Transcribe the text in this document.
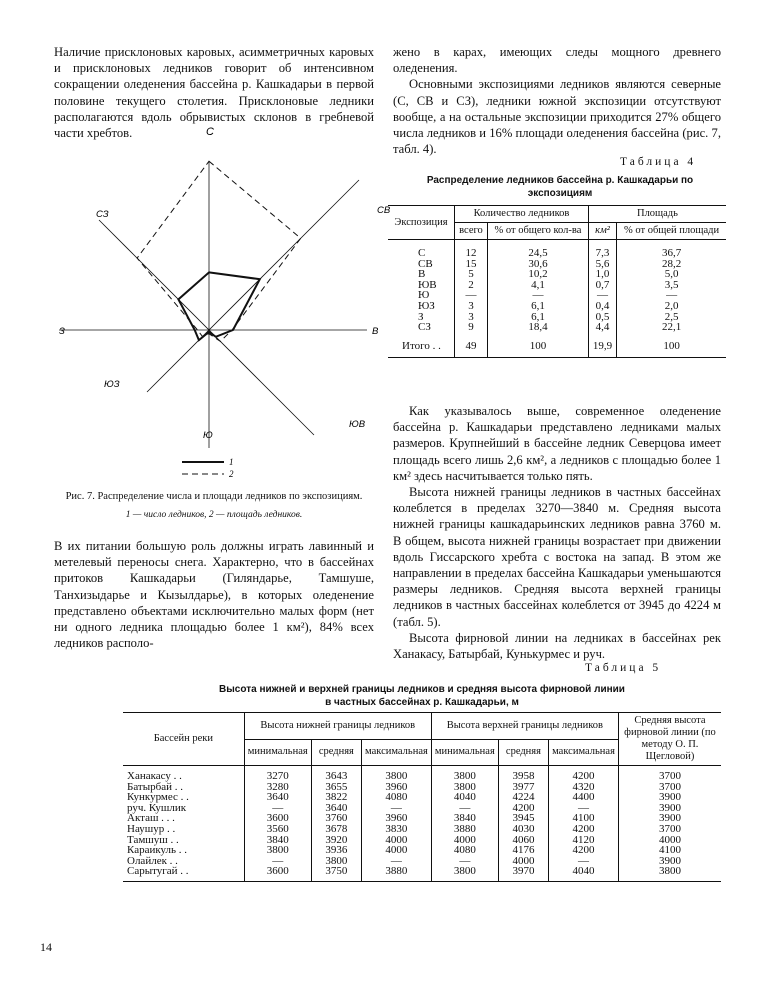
Наличие присклоновых каровых, асимметричных каровых и присклоновых ледников говорит об интенсивном сокращении оледенения бассейна р. Кашкадарьи в первой половине текущего столетия. Присклоновые ледники располагаются вдоль обрывистых склонов в гребневой части хребтов.	С
СВ
В
ЮВ
Ю
ЮЗ
З
СЗ
1
2
Рис. 7. Распределение числа и площади ледников по экспозициям.
1 — число ледников, 2 — площадь ледников.

В их питании большую роль должны играть лавинный и метелевый переносы снега. Характерно, что в бассейнах притоков Кашкадарьи (Гиляндарье, Тамшуше, Танхизыдарье и Кызылдарье), в которых оледенение представлено объектами исключительно малых форм (нет ни одного ледника площадью более 1 км²), 84% всех ледников располо-

жено в карах, имеющих следы мощного древнего оледенения.

Основными экспозициями ледников являются северные (С, СВ и СЗ), ледники южной экспозиции отсутствуют вообще, а на остальные экспозиции приходится 27% общего числа ледников и 16% площади оледенения бассейна (рис. 7, табл. 4).

Таблица 4
Распределение ледников бассейна р. Кашкадарьи по экспозициям
Экспозиция	Количество ледников		Площадь	
	всего	% от общего кол-ва	км²	% от общей площади
С	12	24,5	7,3	36,7
СВ	15	30,6	5,6	28,2
В	5	10,2	1,0	5,0
ЮВ	2	4,1	0,7	3,5
Ю	—	—	—	—
ЮЗ	3	6,1	0,4	2,0
З	3	6,1	0,5	2,5
СЗ	9	18,4	4,4	22,1
Итого . .	49	100	19,9	100

Как указывалось выше, современное оледенение бассейна р. Кашкадарьи представлено ледниками малых размеров. Крупнейший в бассейне ледник Северцова имеет площадь всего лишь 2,6 км², а ледников с площадью более 1 км² здесь насчитывается только пять.

Высота нижней границы ледников в частных бассейнах колеблется в пределах 3270—3840 м. Средняя высота нижней границы кашкадарьинских ледников равна 3760 м. В общем, высота нижней границы возрастает при движении вдоль Гиссарского хребта с востока на запад. В этом же направлении в пределах бассейна Кашкадарьи уменьшаются размеры ледников. Средняя высота верхней границы ледников в частных бассейнах колеблется от 3945 до 4224 м (табл. 5).

Высота фирновой линии на ледниках в бассейнах рек Ханакасу, Батырбай, Кунькурмес и руч.

Таблица 5
Высота нижней и верхней границы ледников и средняя высота фирновой линии
в частных бассейнах р. Кашкадарьи, м
Бассейн реки	Высота нижней границы ледников			Высота верхней границы ледников			Средняя высота фирновой линии (по методу О. П. Щегловой)
	минимальная	средняя	максимальная	минимальная	средняя	максимальная	
Ханакасу . .	3270	3643	3800	3800	3958	4200	3700
Батырбай . .	3280	3655	3960	3800	3977	4320	3700
Кункурмес . .	3640	3822	4080	4040	4224	4400	3900
руч. Кушлик	—	3640	—	—	4200	—	3900
Акташ . . .	3600	3760	3960	3840	3945	4100	3900
Наушур . .	3560	3678	3830	3880	4030	4200	3700
Тамшуш . .	3840	3920	4000	4000	4060	4120	4000
Караикуль . .	3800	3936	4000	4080	4176	4200	4100
Олайлек . .	—	3800	—	—	4000	—	3900
Сарытугай . .	3600	3750	3880	3800	3970	4040	3800
14
